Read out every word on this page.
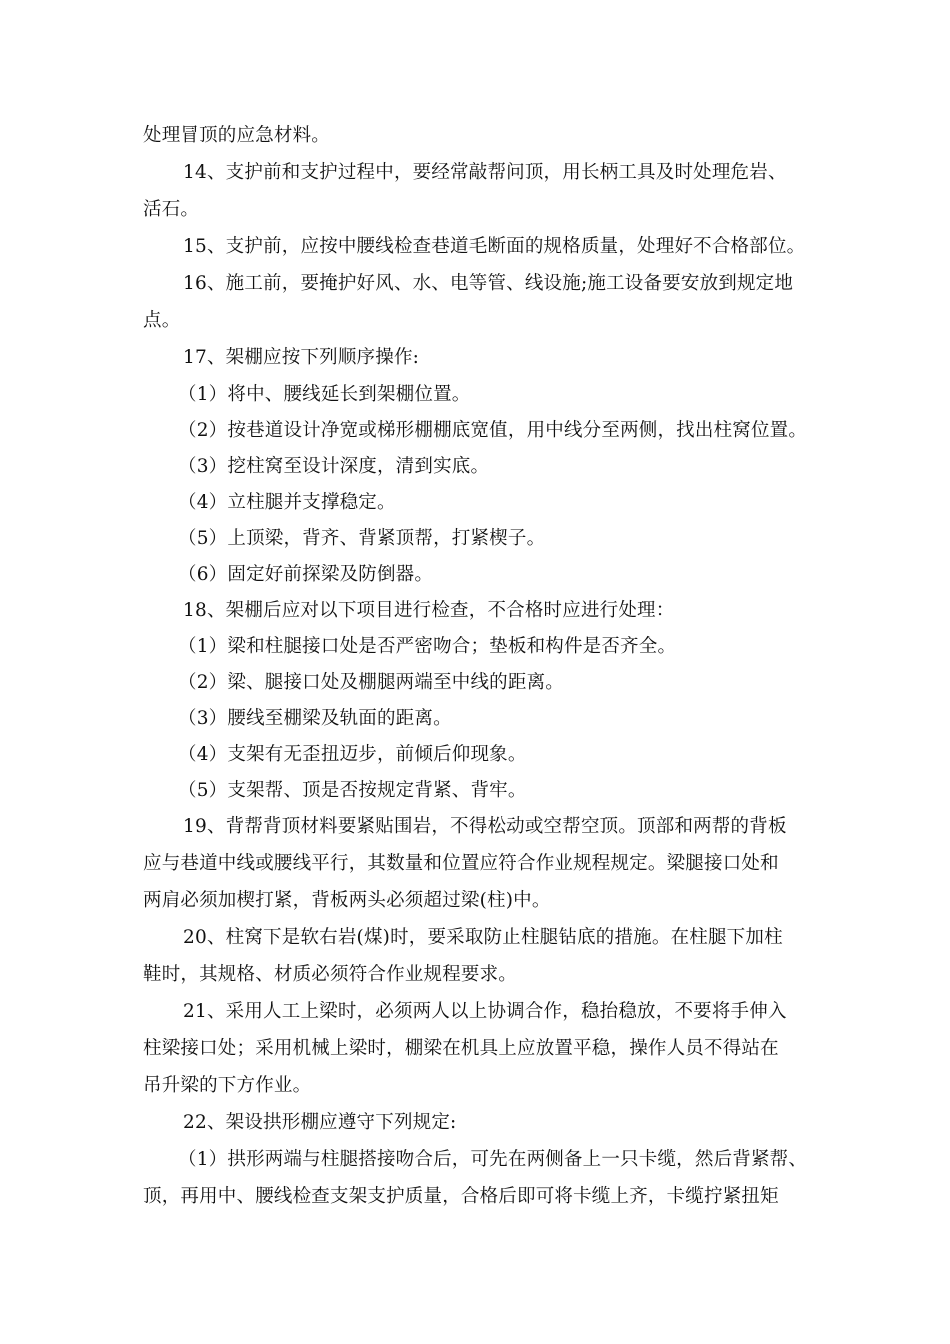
处理冒顶的应急材料。
14、支护前和支护过程中，要经常敲帮问顶，用长柄工具及时处理危岩、
活石。
15、支护前，应按中腰线检查巷道毛断面的规格质量，处理好不合格部位。
16、施工前，要掩护好风、水、电等管、线设施;施工设备要安放到规定地
点。
17、架棚应按下列顺序操作:
（1）将中、腰线延长到架棚位置。
（2）按巷道设计净宽或梯形棚棚底宽值，用中线分至两侧，找出柱窝位置。
（3）挖柱窝至设计深度，清到实底。
（4）立柱腿并支撑稳定。
（5）上顶梁，背齐、背紧顶帮，打紧楔子。
（6）固定好前探梁及防倒器。
18、架棚后应对以下项目进行检查，不合格时应进行处理：
（1）梁和柱腿接口处是否严密吻合；垫板和构件是否齐全。
（2）梁、腿接口处及棚腿两端至中线的距离。
（3）腰线至棚梁及轨面的距离。
（4）支架有无歪扭迈步，前倾后仰现象。
（5）支架帮、顶是否按规定背紧、背牢。
19、背帮背顶材料要紧贴围岩，不得松动或空帮空顶。顶部和两帮的背板
应与巷道中线或腰线平行，其数量和位置应符合作业规程规定。梁腿接口处和
两肩必须加楔打紧，背板两头必须超过梁(柱)中。
20、柱窝下是软右岩(煤)时，要采取防止柱腿钻底的措施。在柱腿下加柱
鞋时，其规格、材质必须符合作业规程要求。
21、采用人工上梁时，必须两人以上协调合作，稳抬稳放，不要将手伸入
柱梁接口处；采用机械上梁时，棚梁在机具上应放置平稳，操作人员不得站在
吊升梁的下方作业。
22、架设拱形棚应遵守下列规定:
（1）拱形两端与柱腿搭接吻合后，可先在两侧备上一只卡缆，然后背紧帮、
顶，再用中、腰线检查支架支护质量，合格后即可将卡缆上齐，卡缆拧紧扭矩
